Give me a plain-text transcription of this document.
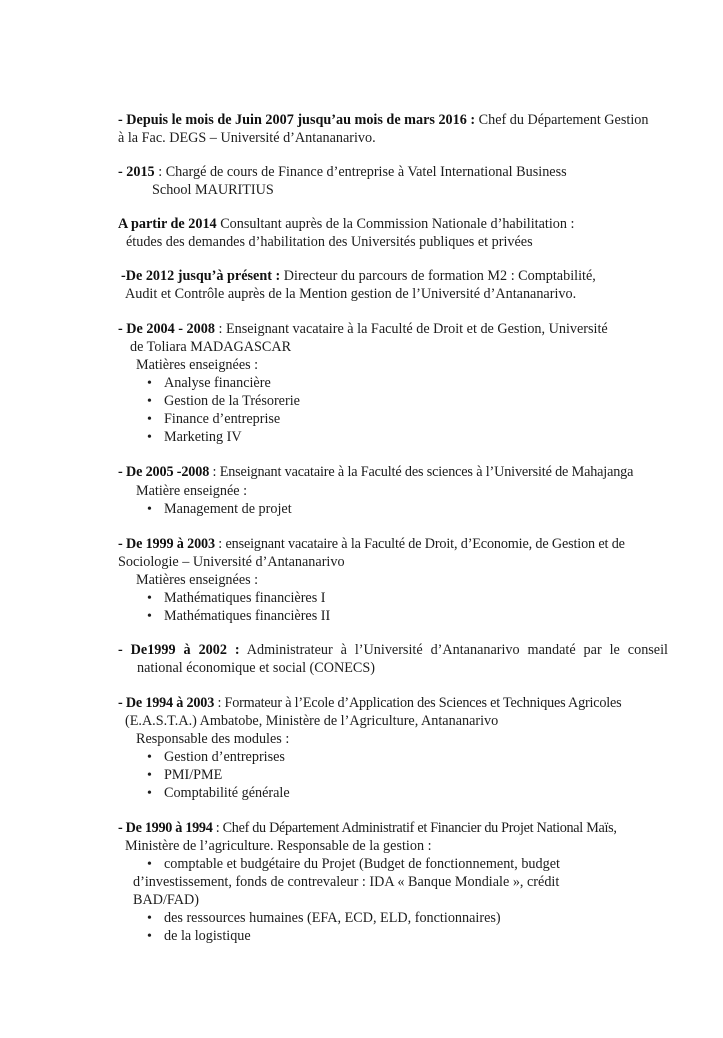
- Depuis le mois de Juin 2007 jusqu’au mois de mars 2016 : Chef du Département Gestion
à la Fac. DEGS – Université d’Antananarivo.
- 2015 : Chargé de cours de Finance d’entreprise à Vatel International Business
School MAURITIUS
A partir de 2014 Consultant auprès de la Commission Nationale d’habilitation :
études des demandes d’habilitation des Universités publiques et privées
-De 2012 jusqu’à présent : Directeur du parcours de formation M2 : Comptabilité,
Audit et Contrôle auprès de la Mention gestion de l’Université d’Antananarivo.
- De 2004 - 2008 : Enseignant vacataire à la Faculté de Droit et de Gestion, Université
de Toliara MADAGASCAR
Matières enseignées :
• Analyse financière
• Gestion de la Trésorerie
• Finance d’entreprise
• Marketing IV
- De 2005 -2008 : Enseignant vacataire à la Faculté des sciences à l’Université de Mahajanga
Matière enseignée :
• Management de projet
- De 1999 à 2003 : enseignant vacataire à la Faculté de Droit, d’Economie, de Gestion et de
Sociologie – Université d’Antananarivo
Matières enseignées :
• Mathématiques financières I
• Mathématiques financières II
- De1999 à 2002 : Administrateur à l’Université d’Antananarivo mandaté par le conseil
national économique et social (CONECS)
- De 1994 à 2003 : Formateur à l’Ecole d’Application des Sciences et Techniques Agricoles
(E.A.S.T.A.) Ambatobe, Ministère de l’Agriculture, Antananarivo
Responsable des modules :
• Gestion d’entreprises
• PMI/PME
• Comptabilité générale
- De 1990 à 1994 : Chef du Département Administratif et Financier du Projet National Maïs,
Ministère de l’agriculture. Responsable de la gestion :
• comptable et budgétaire du Projet (Budget de fonctionnement, budget
d’investissement, fonds de contrevaleur : IDA « Banque Mondiale », crédit
BAD/FAD)
• des ressources humaines (EFA, ECD, ELD, fonctionnaires)
• de la logistique
